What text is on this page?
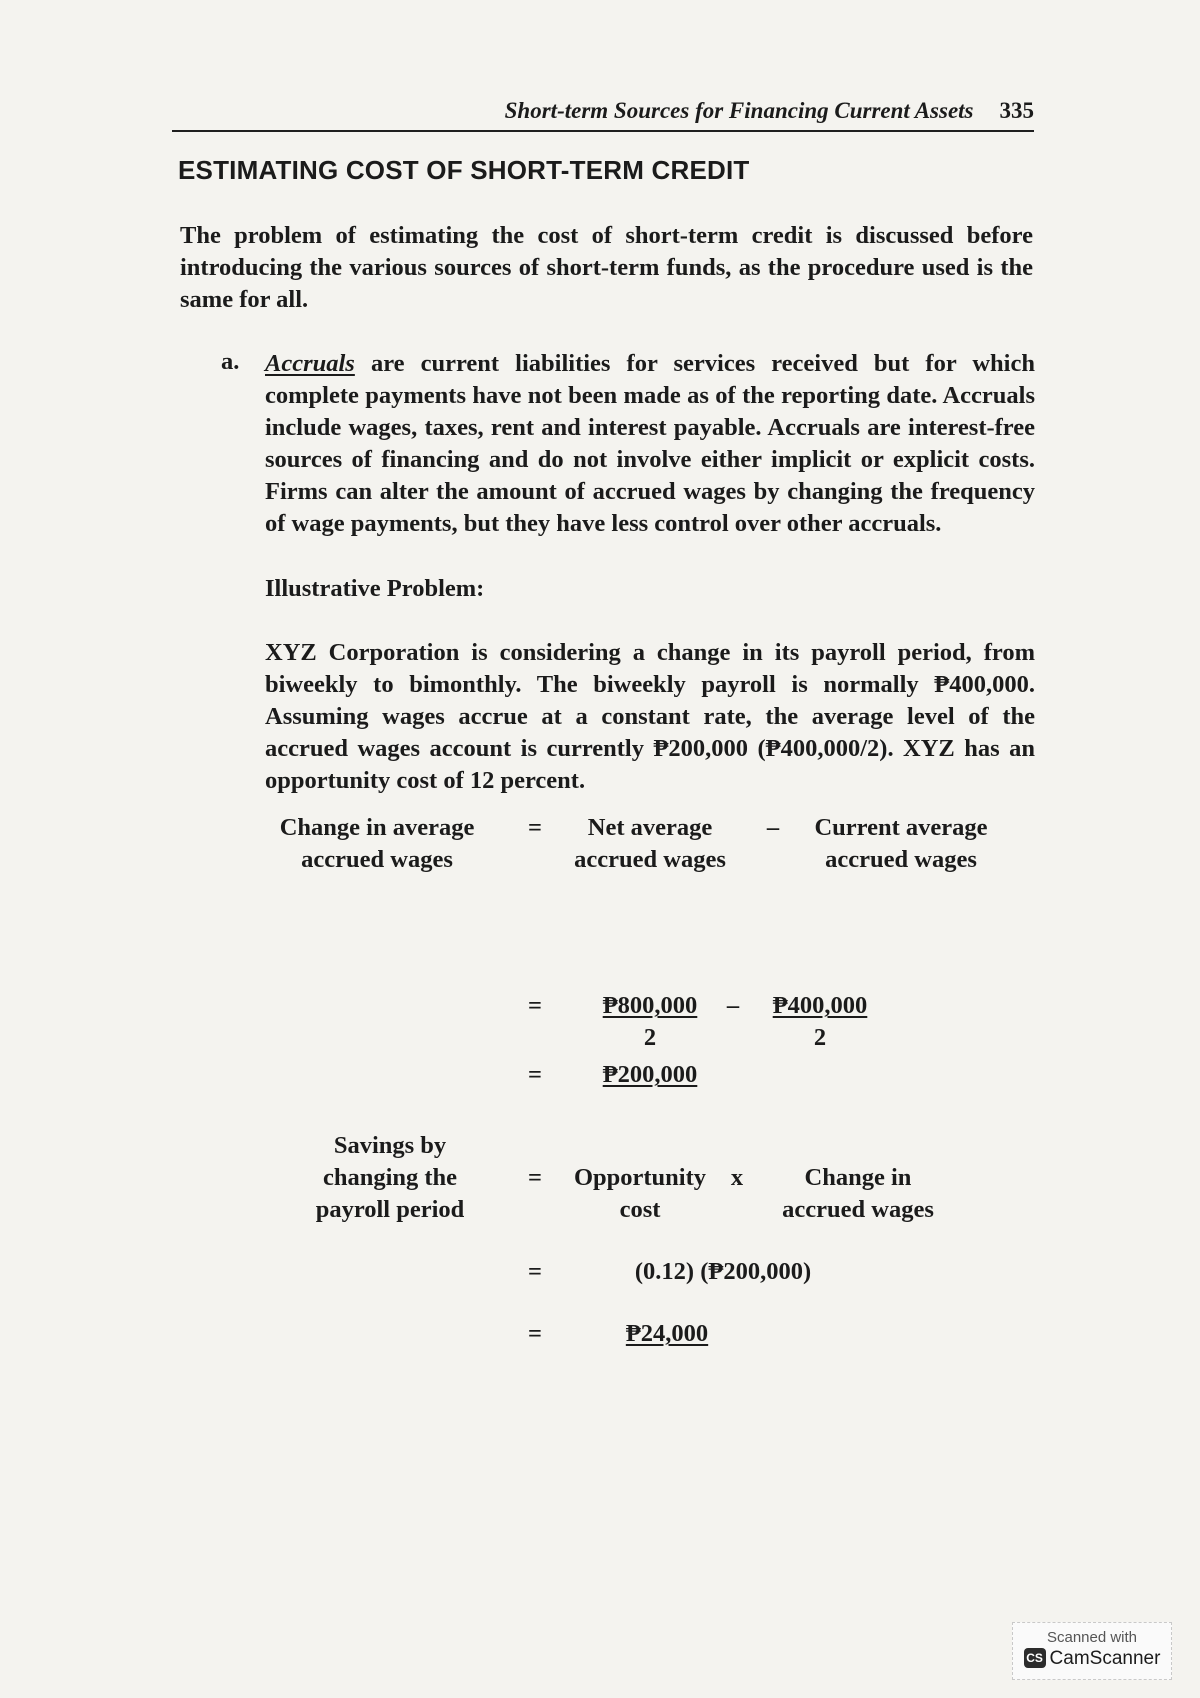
Short-term Sources for Financing Current Assets 335
ESTIMATING COST OF SHORT-TERM CREDIT

The problem of estimating the cost of short-term credit is discussed before introducing the various sources of short-term funds, as the procedure used is the same for all.

a. Accruals are current liabilities for services received but for which complete payments have not been made as of the reporting date. Accruals include wages, taxes, rent and interest payable. Accruals are interest-free sources of financing and do not involve either implicit or explicit costs. Firms can alter the amount of accrued wages by changing the frequency of wage payments, but they have less control over other accruals.

Illustrative Problem:

XYZ Corporation is considering a change in its payroll period, from biweekly to bimonthly. The biweekly payroll is normally ₱400,000. Assuming wages accrue at a constant rate, the average level of the accrued wages account is currently ₱200,000 (₱400,000/2). XYZ has an opportunity cost of 12 percent.

Change in average
accrued wages
=	Net average
accrued wages
–	Current average
accrued wages
=	₱800,000
2
–	₱400,000
2
=	₱200,000
Savings by
changing the
payroll period
=	Opportunity
cost
x	Change in
accrued wages
=	(0.12) (₱200,000)
=	₱24,000
Scanned with
CS CamScanner
